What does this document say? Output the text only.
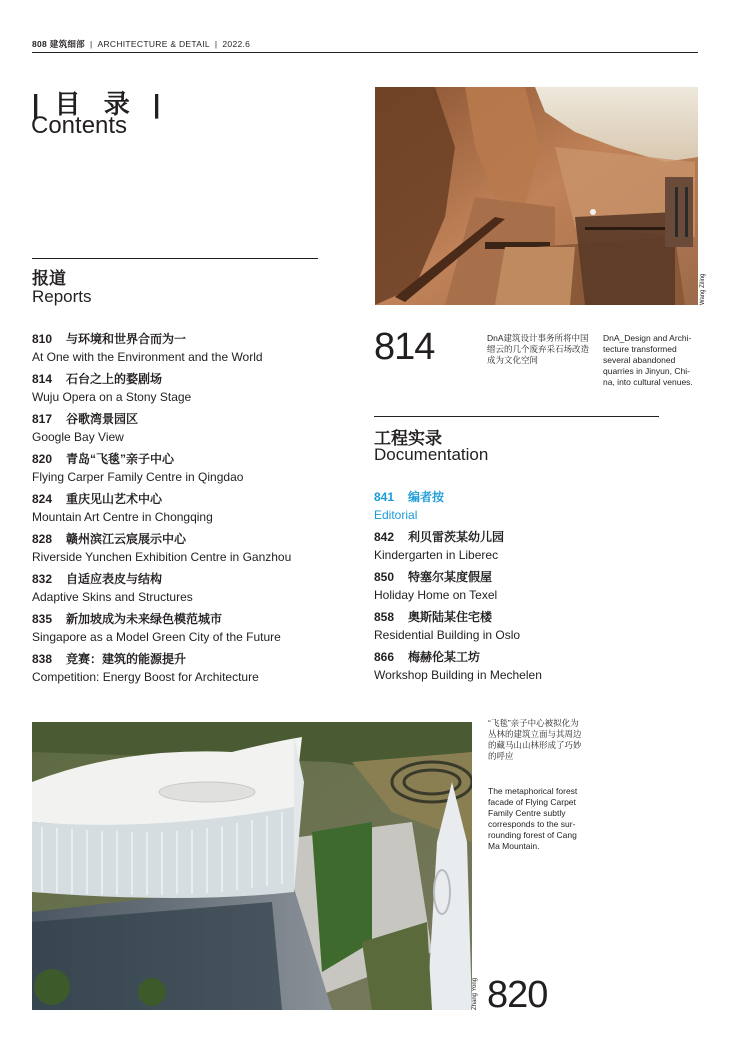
808 建筑细部 | ARCHITECTURE & DETAIL | 2022.6
| 目 录 |
Contents
报道
Reports
810 与环境和世界合而为一
At One with the Environment and the World
814 石台之上的婺剧场
Wuju Opera on a Stony Stage
817 谷歌湾景园区
Google Bay View
820 青岛“飞毯”亲子中心
Flying Carper Family Centre in Qingdao
824 重庆见山艺术中心
Mountain Art Centre in Chongqing
828 赣州滨江云宸展示中心
Riverside Yunchen Exhibition Centre in Ganzhou
832 自适应表皮与结构
Adaptive Skins and Structures
835 新加坡成为未来绿色模范城市
Singapore as a Model Green City of the Future
838 竞赛：建筑的能源提升
Competition: Energy Boost for Architecture
Wang Ziling
814	DnA建筑设计事务所将中国缙云的几个废弃采石场改造成为文化空间
DnA_Design and Archi-tecture transformed several abandoned quarries in Jinyun, Chi-na, into cultural venues.
工程实录
Documentation
841 编者按
Editorial
842 利贝雷茨某幼儿园
Kindergarten in Liberec
850 特塞尔某度假屋
Holiday Home on Texel
858 奥斯陆某住宅楼
Residential Building in Oslo
866 梅赫伦某工坊
Workshop Building in Mechelen
Zhang Yong
“飞毯”亲子中心被拟化为丛林的建筑立面与其周边的藏马山山林形成了巧妙的呼应
The metaphorical forest facade of Flying Carpet Family Centre subtly corresponds to the sur-rounding forest of Cang Ma Mountain.
820
